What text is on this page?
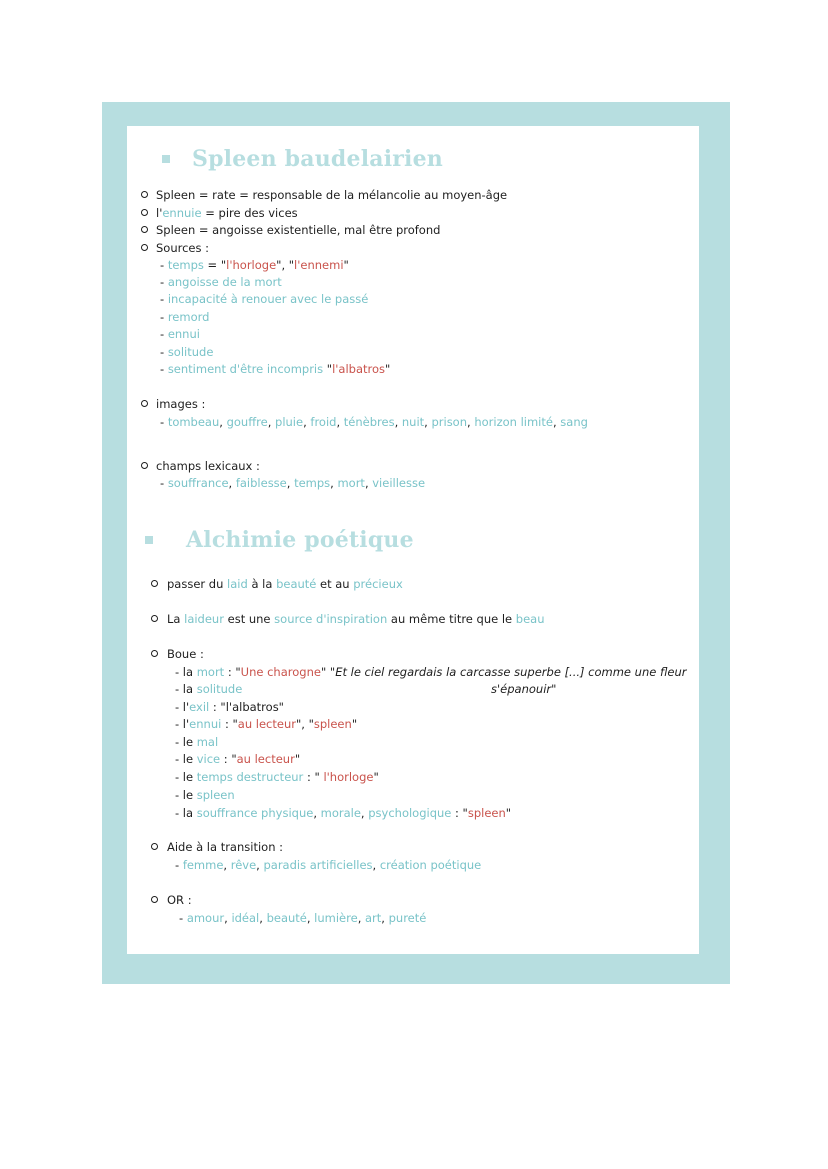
Spleen baudelairien
Spleen = rate = responsable de la mélancolie au moyen-âge
l'ennuie = pire des vices
Spleen = angoisse existentielle, mal être profond
Sources :
- temps = "l'horloge", "l'ennemi"
- angoisse de la mort
- incapacité à renouer avec le passé
- remord
- ennui
- solitude
- sentiment d'être incompris "l'albatros"
images :
- tombeau, gouffre, pluie, froid, ténèbres, nuit, prison, horizon limité, sang
champs lexicaux :
- souffrance, faiblesse, temps, mort, vieillesse
Alchimie poétique
passer du laid à la beauté et au précieux
La laideur est une source d'inspiration au même titre que le beau
Boue :
- la mort : "Une charogne" "Et le ciel regardais la carcasse superbe [...] comme une fleur
s'épanouir"
- la solitude
- l'exil : "l'albatros"
- l'ennui : "au lecteur", "spleen"
- le mal
- le vice : "au lecteur"
- le temps destructeur : " l'horloge"
- le spleen
- la souffrance physique, morale, psychologique : "spleen"
Aide à la transition :
- femme, rêve, paradis artificielles, création poétique
OR :
- amour, idéal, beauté, lumière, art, pureté
